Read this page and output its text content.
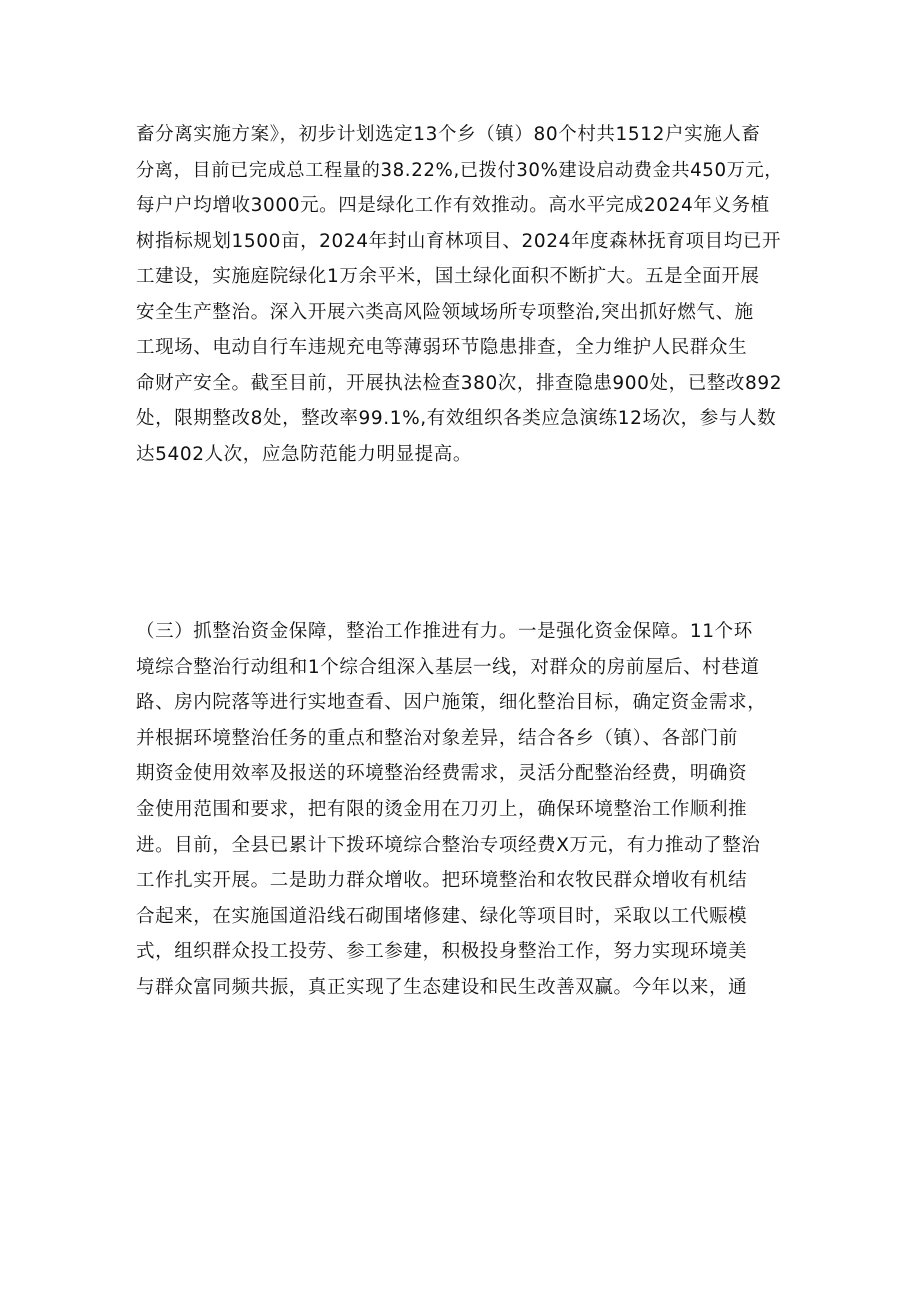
畜分离实施方案》，初步计划选定13个乡（镇）80个村共1512户实施人畜
分离，目前已完成总工程量的38.22%,已拨付30%建设启动费金共450万元，
每户户均增收3000元。四是绿化工作有效推动。高水平完成2024年义务植
树指标规划1500亩，2024年封山育林项目、2024年度森林抚育项目均已开
工建设，实施庭院绿化1万余平米，国土绿化面积不断扩大。五是全面开展
安全生产整治。深入开展六类高风险领域场所专项整治,突出抓好燃气、施
工现场、电动自行车违规充电等薄弱环节隐患排查，全力维护人民群众生
命财产安全。截至目前，开展执法检查380次，排查隐患900处，已整改892
处，限期整改8处，整改率99.1%,有效组织各类应急演练12场次，参与人数
达5402人次，应急防范能力明显提高。
（三）抓整治资金保障，整治工作推进有力。一是强化资金保障。11个环
境综合整治行动组和1个综合组深入基层一线，对群众的房前屋后、村巷道
路、房内院落等进行实地查看、因户施策，细化整治目标，确定资金需求，
并根据环境整治任务的重点和整治对象差异，结合各乡（镇）、各部门前
期资金使用效率及报送的环境整治经费需求，灵活分配整治经费，明确资
金使用范围和要求，把有限的烫金用在刀刃上，确保环境整治工作顺利推
进。目前，全县已累计下拨环境综合整治专项经费X万元，有力推动了整治
工作扎实开展。二是助力群众增收。把环境整治和农牧民群众增收有机结
合起来，在实施国道沿线石砌围堵修建、绿化等项目时，采取以工代赈模
式，组织群众投工投劳、参工参建，积极投身整治工作，努力实现环境美
与群众富同频共振，真正实现了生态建设和民生改善双赢。今年以来，通
